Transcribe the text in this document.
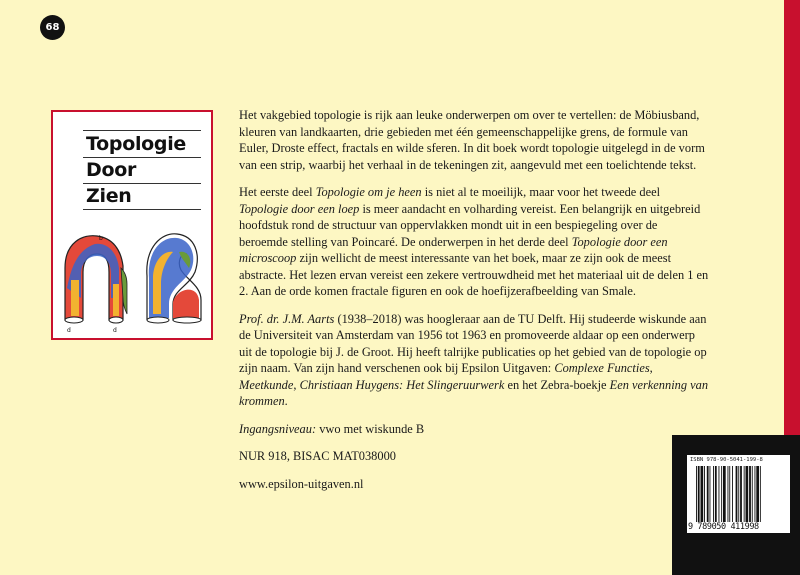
68
Topologie
Door
Zien
b
d	d

Het vakgebied topologie is rijk aan leuke onderwerpen om over te vertellen: de Möbiusband, kleuren van landkaarten, drie gebieden met één gemeenschappelijke grens, de formule van Euler, Droste effect, fractals en wilde sferen. In dit boek wordt topologie uitgelegd in de vorm van een strip, waarbij het verhaal in de tekeningen zit, aangevuld met een toelichtende tekst.

Het eerste deel Topologie om je heen is niet al te moeilijk, maar voor het tweede deel Topologie door een loep is meer aandacht en volharding vereist. Een belangrijk en uitgebreid hoofdstuk rond de structuur van oppervlakken mondt uit in een bespiegeling over de beroemde stelling van Poincaré. De onderwerpen in het derde deel Topologie door een microscoop zijn wellicht de meest interessante van het boek, maar ze zijn ook de meest abstracte. Het lezen ervan vereist een zekere vertrouwdheid met het materiaal uit de delen 1 en 2. Aan de orde komen fractale figuren en ook de hoefijzerafbeelding van Smale.

Prof. dr. J.M. Aarts (1938–2018) was hoogleraar aan de TU Delft. Hij studeerde wiskunde aan de Universiteit van Amsterdam van 1956 tot 1963 en promoveerde aldaar op een onderwerp uit de topologie bij J. de Groot. Hij heeft talrijke publicaties op het gebied van de topologie op zijn naam. Van zijn hand verschenen ook bij Epsilon Uitgaven: Complexe Functies, Meetkunde, Christiaan Huygens: Het Slingeruurwerk en het Zebra-boekje Een verkenning van krommen.

Ingangsniveau: vwo met wiskunde B

NUR 918, BISAC MAT038000

www.epsilon-uitgaven.nl

ISBN 978-90-5041-199-8
9 789050 411998
